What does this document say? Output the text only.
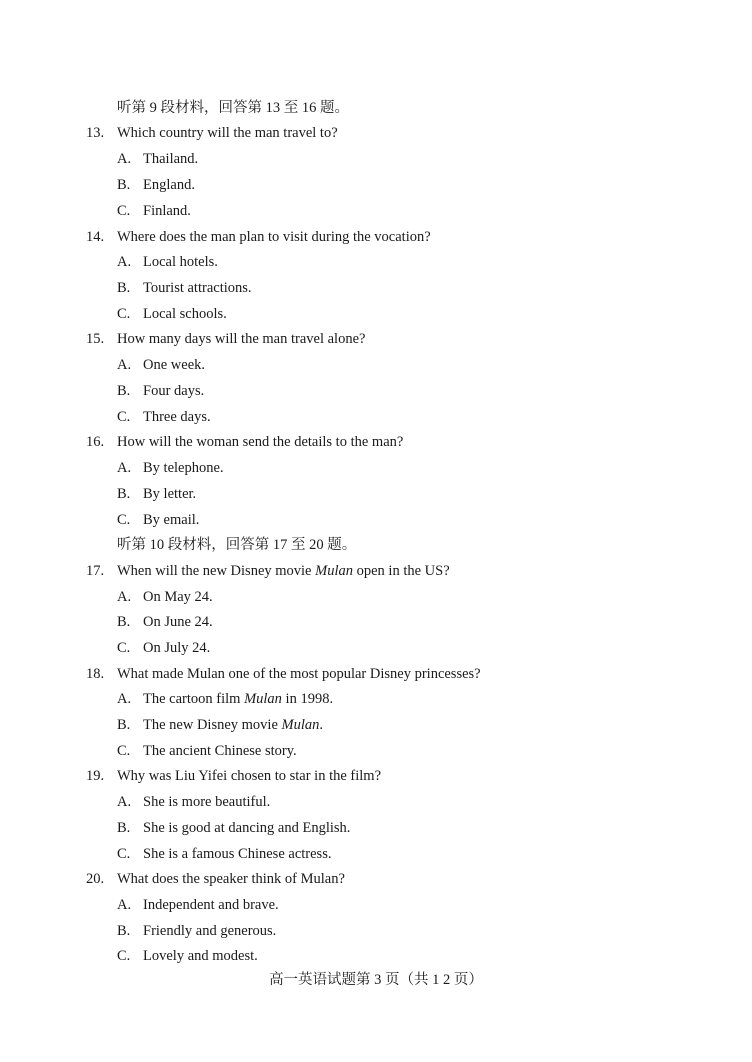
听第 9 段材料，回答第 13 至 16 题。
13. Which country will the man travel to?
A. Thailand.
B. England.
C. Finland.
14. Where does the man plan to visit during the vocation?
A. Local hotels.
B. Tourist attractions.
C. Local schools.
15. How many days will the man travel alone?
A. One week.
B. Four days.
C. Three days.
16. How will the woman send the details to the man?
A. By telephone.
B. By letter.
C. By email.
听第 10 段材料，回答第 17 至 20 题。
17. When will the new Disney movie Mulan open in the US?
A. On May 24.
B. On June 24.
C. On July 24.
18. What made Mulan one of the most popular Disney princesses?
A. The cartoon film Mulan in 1998.
B. The new Disney movie Mulan.
C. The ancient Chinese story.
19. Why was Liu Yifei chosen to star in the film?
A. She is more beautiful.
B. She is good at dancing and English.
C. She is a famous Chinese actress.
20. What does the speaker think of Mulan?
A. Independent and brave.
B. Friendly and generous.
C. Lovely and modest.
高一英语试题第 3 页（共 1 2 页）
